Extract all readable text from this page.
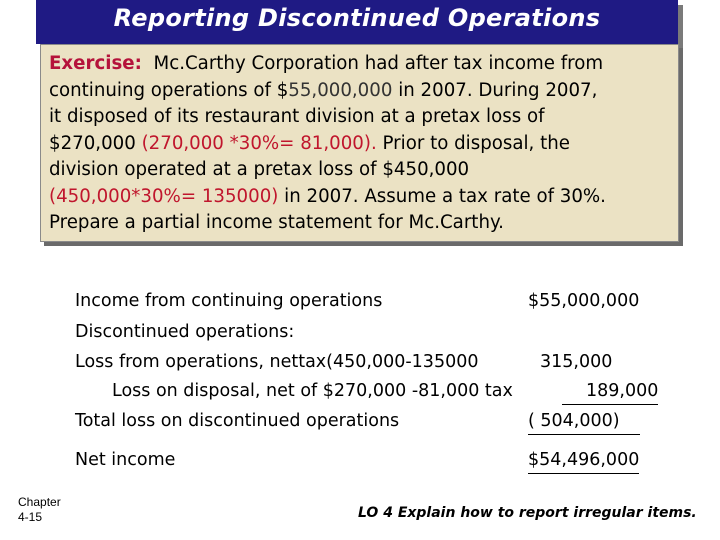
Reporting Discontinued Operations
Exercise: Mc.Carthy Corporation had after tax income from
continuing operations of $55,000,000 in 2007. During 2007,
it disposed of its restaurant division at a pretax loss of
$270,000 (270,000 *30%= 81,000). Prior to disposal, the
division operated at a pretax loss of $450,000
(450,000*30%= 135000) in 2007. Assume a tax rate of 30%.
Prepare a partial income statement for Mc.Carthy.
Income from continuing operations	$55,000,000
Discontinued operations:
Loss from operations, nettax(450,000-135000	315,000
Loss on disposal, net of $270,000 -81,000 tax	189,000
Total loss on discontinued operations	( 504,000)
Net income	$54,496,000
Chapter
4-15	LO 4 Explain how to report irregular items.
